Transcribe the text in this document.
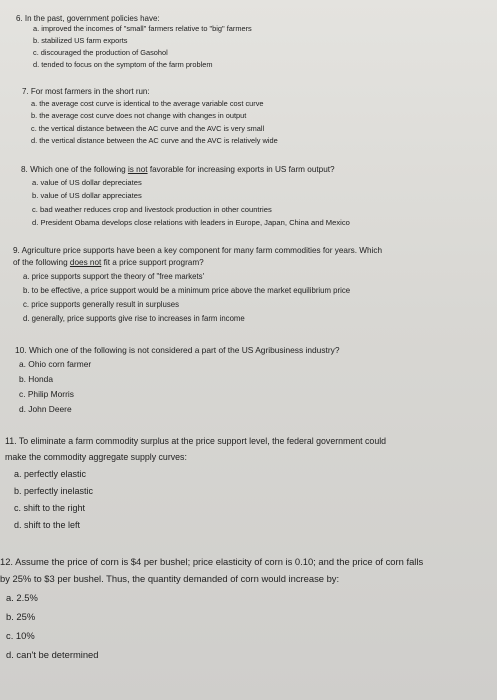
6. In the past, government policies have:
a. improved the incomes of "small" farmers relative to "big" farmers
b. stabilized US farm exports
c. discouraged the production of Gasohol
d. tended to focus on the symptom of the farm problem
7. For most farmers in the short run:
a. the average cost curve is identical to the average variable cost curve
b. the average cost curve does not change with changes in output
c. the vertical distance between the AC curve and the AVC is very small
d. the vertical distance between the AC curve and the AVC is relatively wide
8. Which one of the following is not favorable for increasing exports in US farm output?
a. value of US dollar depreciates
b. value of US dollar appreciates
c. bad weather reduces crop and livestock production in other countries
d. President Obama develops close relations with leaders in Europe, Japan, China and Mexico
9. Agriculture price supports have been a key component for many farm commodities for years. Which
of the following does not fit a price support program?
a. price supports support the theory of "free markets'
b. to be effective, a price support would be a minimum price above the market equilibrium price
c. price supports generally result in surpluses
d. generally, price supports give rise to increases in farm income
10. Which one of the following is not considered a part of the US Agribusiness industry?
a. Ohio corn farmer
b. Honda
c. Philip Morris
d. John Deere
11. To eliminate a farm commodity surplus at the price support level, the federal government could
make the commodity aggregate supply curves:
a. perfectly elastic
b. perfectly inelastic
c. shift to the right
d. shift to the left
12. Assume the price of corn is $4 per bushel; price elasticity of corn is 0.10; and the price of corn falls
by 25% to $3 per bushel. Thus, the quantity demanded of corn would increase by:
a. 2.5%
b. 25%
c. 10%
d. can't be determined
